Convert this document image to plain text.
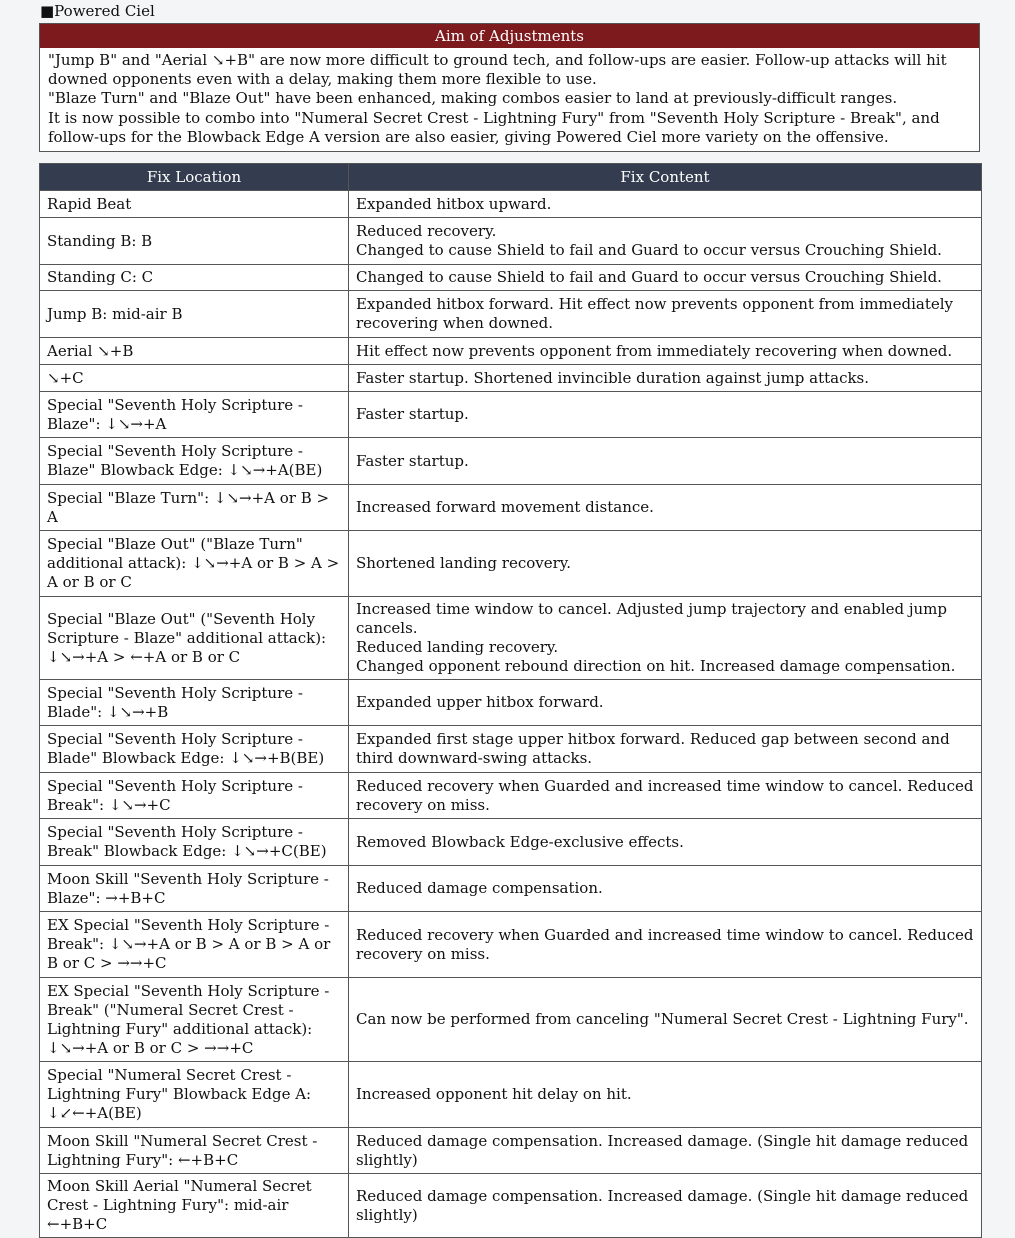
■Powered Ciel
Aim of Adjustments

"Jump B" and "Aerial ↘+B" are now more difficult to ground tech, and follow-ups are easier. Follow-up attacks will hit downed opponents even with a delay, making them more flexible to use.

"Blaze Turn" and "Blaze Out" have been enhanced, making combos easier to land at previously-difficult ranges.

It is now possible to combo into "Numeral Secret Crest - Lightning Fury" from "Seventh Holy Scripture - Break", and follow-ups for the Blowback Edge A version are also easier, giving Powered Ciel more variety on the offensive.

Fix Location	Fix Content
Rapid Beat	Expanded hitbox upward.
Standing B: B	Reduced recovery.
Changed to cause Shield to fail and Guard to occur versus Crouching Shield.
Standing C: C	Changed to cause Shield to fail and Guard to occur versus Crouching Shield.
Jump B: mid-air B	Expanded hitbox forward. Hit effect now prevents opponent from immediately recovering when downed.
Aerial ↘+B	Hit effect now prevents opponent from immediately recovering when downed.
↘+C	Faster startup. Shortened invincible duration against jump attacks.
Special "Seventh Holy Scripture - Blaze": ↓↘→+A	Faster startup.
Special "Seventh Holy Scripture - Blaze" Blowback Edge: ↓↘→+A(BE)	Faster startup.
Special "Blaze Turn": ↓↘→+A or B > A	Increased forward movement distance.
Special "Blaze Out" ("Blaze Turn" additional attack): ↓↘→+A or B > A > A or B or C	Shortened landing recovery.
Special "Blaze Out" ("Seventh Holy Scripture - Blaze" additional attack): ↓↘→+A > ←+A or B or C	Increased time window to cancel. Adjusted jump trajectory and enabled jump cancels.
Reduced landing recovery.
Changed opponent rebound direction on hit. Increased damage compensation.
Special "Seventh Holy Scripture - Blade": ↓↘→+B	Expanded upper hitbox forward.
Special "Seventh Holy Scripture - Blade" Blowback Edge: ↓↘→+B(BE)	Expanded first stage upper hitbox forward. Reduced gap between second and third downward-swing attacks.
Special "Seventh Holy Scripture - Break": ↓↘→+C	Reduced recovery when Guarded and increased time window to cancel. Reduced recovery on miss.
Special "Seventh Holy Scripture - Break" Blowback Edge: ↓↘→+C(BE)	Removed Blowback Edge-exclusive effects.
Moon Skill "Seventh Holy Scripture - Blaze": →+B+C	Reduced damage compensation.
EX Special "Seventh Holy Scripture - Break": ↓↘→+A or B > A or B > A or B or C > →→+C	Reduced recovery when Guarded and increased time window to cancel. Reduced recovery on miss.
EX Special "Seventh Holy Scripture - Break" ("Numeral Secret Crest - Lightning Fury" additional attack): ↓↘→+A or B or C > →→+C	Can now be performed from canceling "Numeral Secret Crest - Lightning Fury".
Special "Numeral Secret Crest - Lightning Fury" Blowback Edge A: ↓↙←+A(BE)	Increased opponent hit delay on hit.
Moon Skill "Numeral Secret Crest - Lightning Fury": ←+B+C	Reduced damage compensation. Increased damage. (Single hit damage reduced slightly)
Moon Skill Aerial "Numeral Secret Crest - Lightning Fury": mid-air ←+B+C	Reduced damage compensation. Increased damage. (Single hit damage reduced slightly)
